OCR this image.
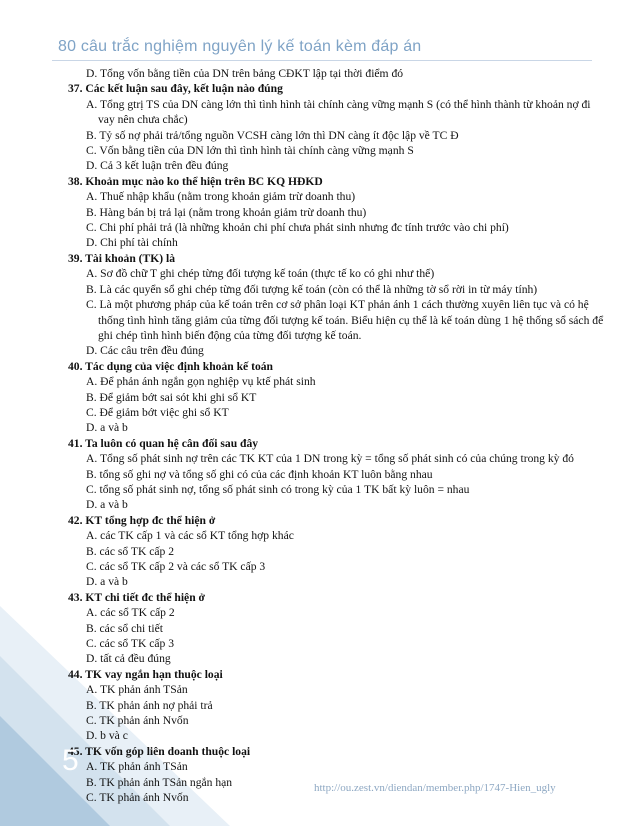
80 câu trắc nghiệm nguyên lý kế toán kèm đáp án

D. Tổng vốn bằng tiền của DN trên bảng CĐKT lập tại thời điểm đó

37. Các kết luận sau đây, kết luận nào đúng

A. Tổng gtrị TS của DN càng lớn thì tình hình tài chính càng vững mạnh S (có thể hình thành từ khoản nợ đi vay nên chưa chắc)

B. Tỷ số nợ phải trả/tổng nguồn VCSH càng lớn thì DN càng ít độc lập về TC Đ

C. Vốn bằng tiền của DN lớn thì tình hình tài chính càng vững mạnh S

D. Cả 3 kết luận trên đều đúng

38. Khoản mục nào ko thể hiện trên BC KQ HĐKD

A. Thuế nhập khẩu (nằm trong khoản giảm trừ doanh thu)

B. Hàng bán bị trả lại (nằm trong khoản giảm trừ doanh thu)

C. Chi phí phải trả (là những khoản chi phí chưa phát sinh nhưng đc tính trước vào chi phí)

D. Chi phí tài chính

39. Tài khoản (TK) là

A. Sơ đồ chữ T ghi chép từng đối tượng kế toán (thực tế ko có ghi như thế)

B. Là các quyển sổ ghi chép từng đối tượng kế toán (còn có thể là những tờ sổ rời in từ máy tính)

C. Là một phương pháp của kế toán trên cơ sở phân loại KT phản ánh 1 cách thường xuyên liên tục và có hệ thống tình hình tăng giảm của từng đối tượng kế toán. Biểu hiện cụ thể là kế toán dùng 1 hệ thống sổ sách để ghi chép tình hình biến động của từng đối tượng kế toán.

D. Các câu trên đều đúng

40. Tác dụng của việc định khoản kế toán

A. Để phản ánh ngắn gọn nghiệp vụ ktế phát sinh

B. Để giảm bớt sai sót khi ghi sổ KT

C. Để giảm bớt việc ghi sổ KT

D. a và b

41. Ta luôn có quan hệ cân đối sau đây

A. Tổng số phát sinh nợ trên các TK KT của 1 DN trong kỳ = tổng số phát sinh có của chúng trong kỳ đó

B. tổng số ghi nợ và tổng số ghi có của các định khoản KT luôn bằng nhau

C. tổng số phát sinh nợ, tổng số phát sinh có trong kỳ của 1 TK bất kỳ luôn = nhau

D. a và b

42. KT tổng hợp đc thể hiện ở

A. các TK cấp 1 và các sổ KT tổng hợp khác

B. các sổ TK cấp 2

C. các sổ TK cấp 2 và các sổ TK cấp 3

D. a và b

43. KT chi tiết đc thể hiện ở

A. các sổ TK cấp 2

B. các sổ chi tiết

C. các sổ TK cấp 3

D. tất cả đều đúng

44. TK vay ngắn hạn thuộc loại

A. TK phản ánh TSản

B. TK phản ánh nợ phải trả

C. TK phản ánh Nvốn

D. b và c

45. TK vốn góp liên doanh thuộc loại

A. TK phản ánh TSản

B. TK phản ánh TSản ngắn hạn

C. TK phản ánh Nvốn

5
http://ou.zest.vn/diendan/member.php/1747-Hien_ugly
